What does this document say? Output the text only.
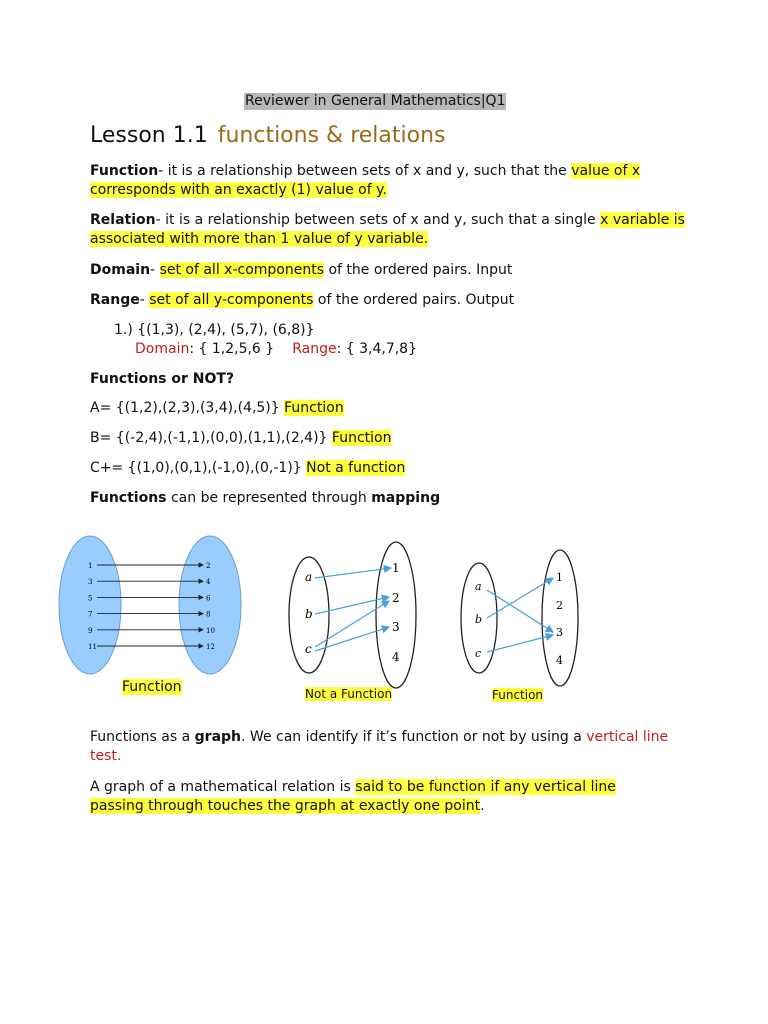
Reviewer in General Mathematics|Q1
Lesson 1.1 functions & relations
Function- it is a relationship between sets of x and y, such that the value of x corresponds with an exactly (1) value of y.
Relation- it is a relationship between sets of x and y, such that a single x variable is associated with more than 1 value of y variable.
Domain- set of all x-components of the ordered pairs. Input
Range- set of all y-components of the ordered pairs. Output
1.) {(1,3), (2,4), (5,7), (6,8)}
Domain: { 1,2,5,6 } Range: { 3,4,7,8}
Functions or NOT?
A= {(1,2),(2,3),(3,4),(4,5)} Function
B= {(-2,4),(-1,1),(0,0),(1,1),(2,4)} Function
C+= {(1,0),(0,1),(-1,0),(0,-1)} Not a function
Functions can be represented through mapping
1	2
3	4
5	6
7	8
9	10
11	12
Function
a
b
c
1
2
3
4
Not a Function
a
b
c
1
2
3
4
Function
Functions as a graph. We can identify if it’s function or not by using a vertical line test.
A graph of a mathematical relation is said to be function if any vertical line passing through touches the graph at exactly one point.
